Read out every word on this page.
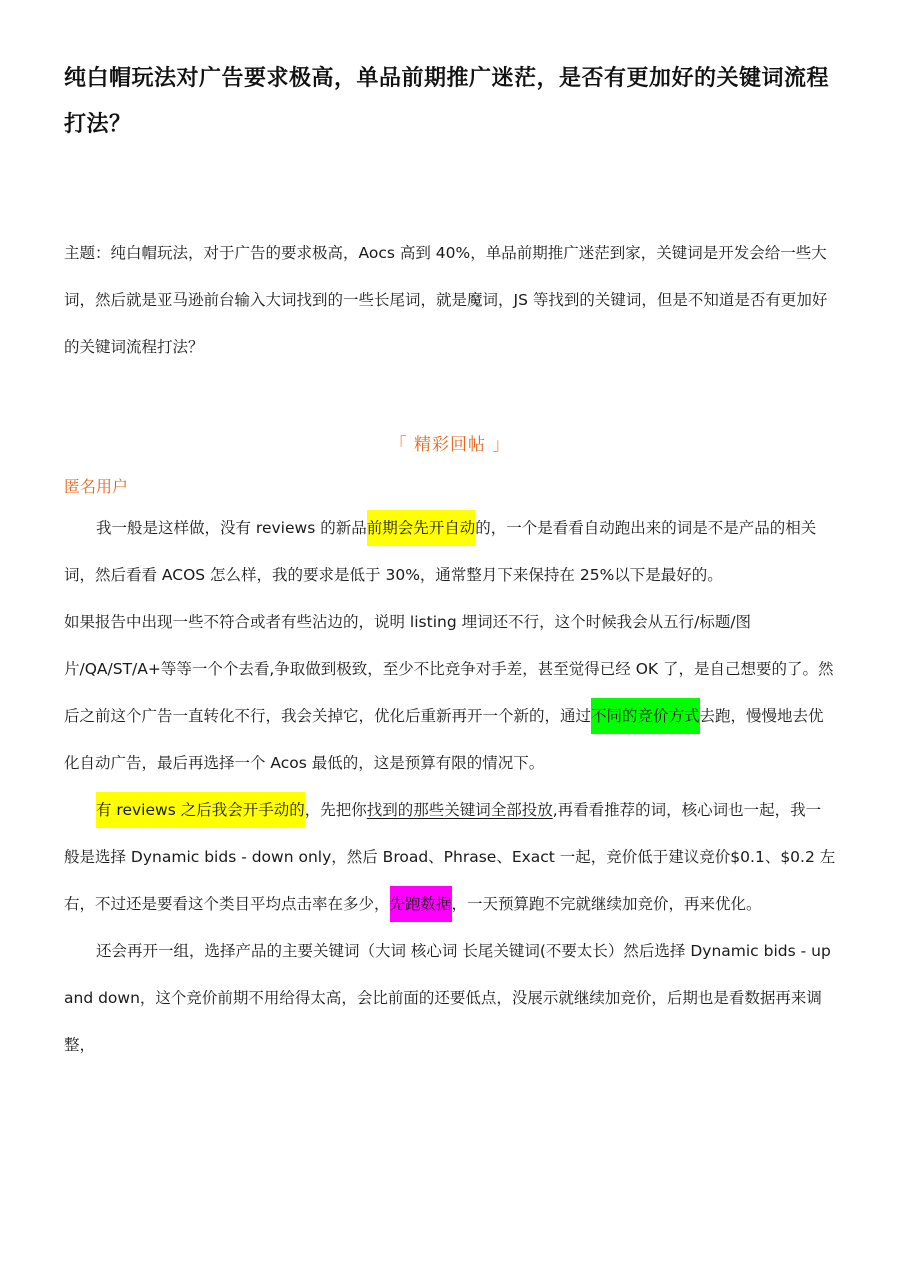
纯白帽玩法对广告要求极高，单品前期推广迷茫，是否有更加好的关键词流程打法？

主题：纯白帽玩法，对于广告的要求极高，Aocs 高到 40%，单品前期推广迷茫到家，关键词是开发会给一些大词，然后就是亚马逊前台输入大词找到的一些长尾词，就是魔词，JS 等找到的关键词，但是不知道是否有更加好的关键词流程打法？

「 精彩回帖 」
匿名用户

我一般是这样做，没有 reviews 的新品前期会先开自动的，一个是看看自动跑出来的词是不是产品的相关词，然后看看 ACOS 怎么样，我的要求是低于 30%，通常整月下来保持在 25%以下是最好的。

如果报告中出现一些不符合或者有些沾边的，说明 listing 埋词还不行，这个时候我会从五行/标题/图片/QA/ST/A+等等一个个去看,争取做到极致，至少不比竞争对手差，甚至觉得已经 OK 了，是自己想要的了。然后之前这个广告一直转化不行，我会关掉它，优化后重新再开一个新的，通过不同的竞价方式去跑，慢慢地去优化自动广告，最后再选择一个 Acos 最低的，这是预算有限的情况下。

有 reviews 之后我会开手动的，先把你找到的那些关键词全部投放,再看看推荐的词，核心词也一起，我一般是选择 Dynamic bids - down only，然后 Broad、Phrase、Exact 一起，竞价低于建议竞价$0.1、$0.2 左右，不过还是要看这个类目平均点击率在多少，先跑数据，一天预算跑不完就继续加竞价，再来优化。

还会再开一组，选择产品的主要关键词（大词 核心词 长尾关键词(不要太长）然后选择 Dynamic bids - up and down，这个竞价前期不用给得太高，会比前面的还要低点，没展示就继续加竞价，后期也是看数据再来调整，
